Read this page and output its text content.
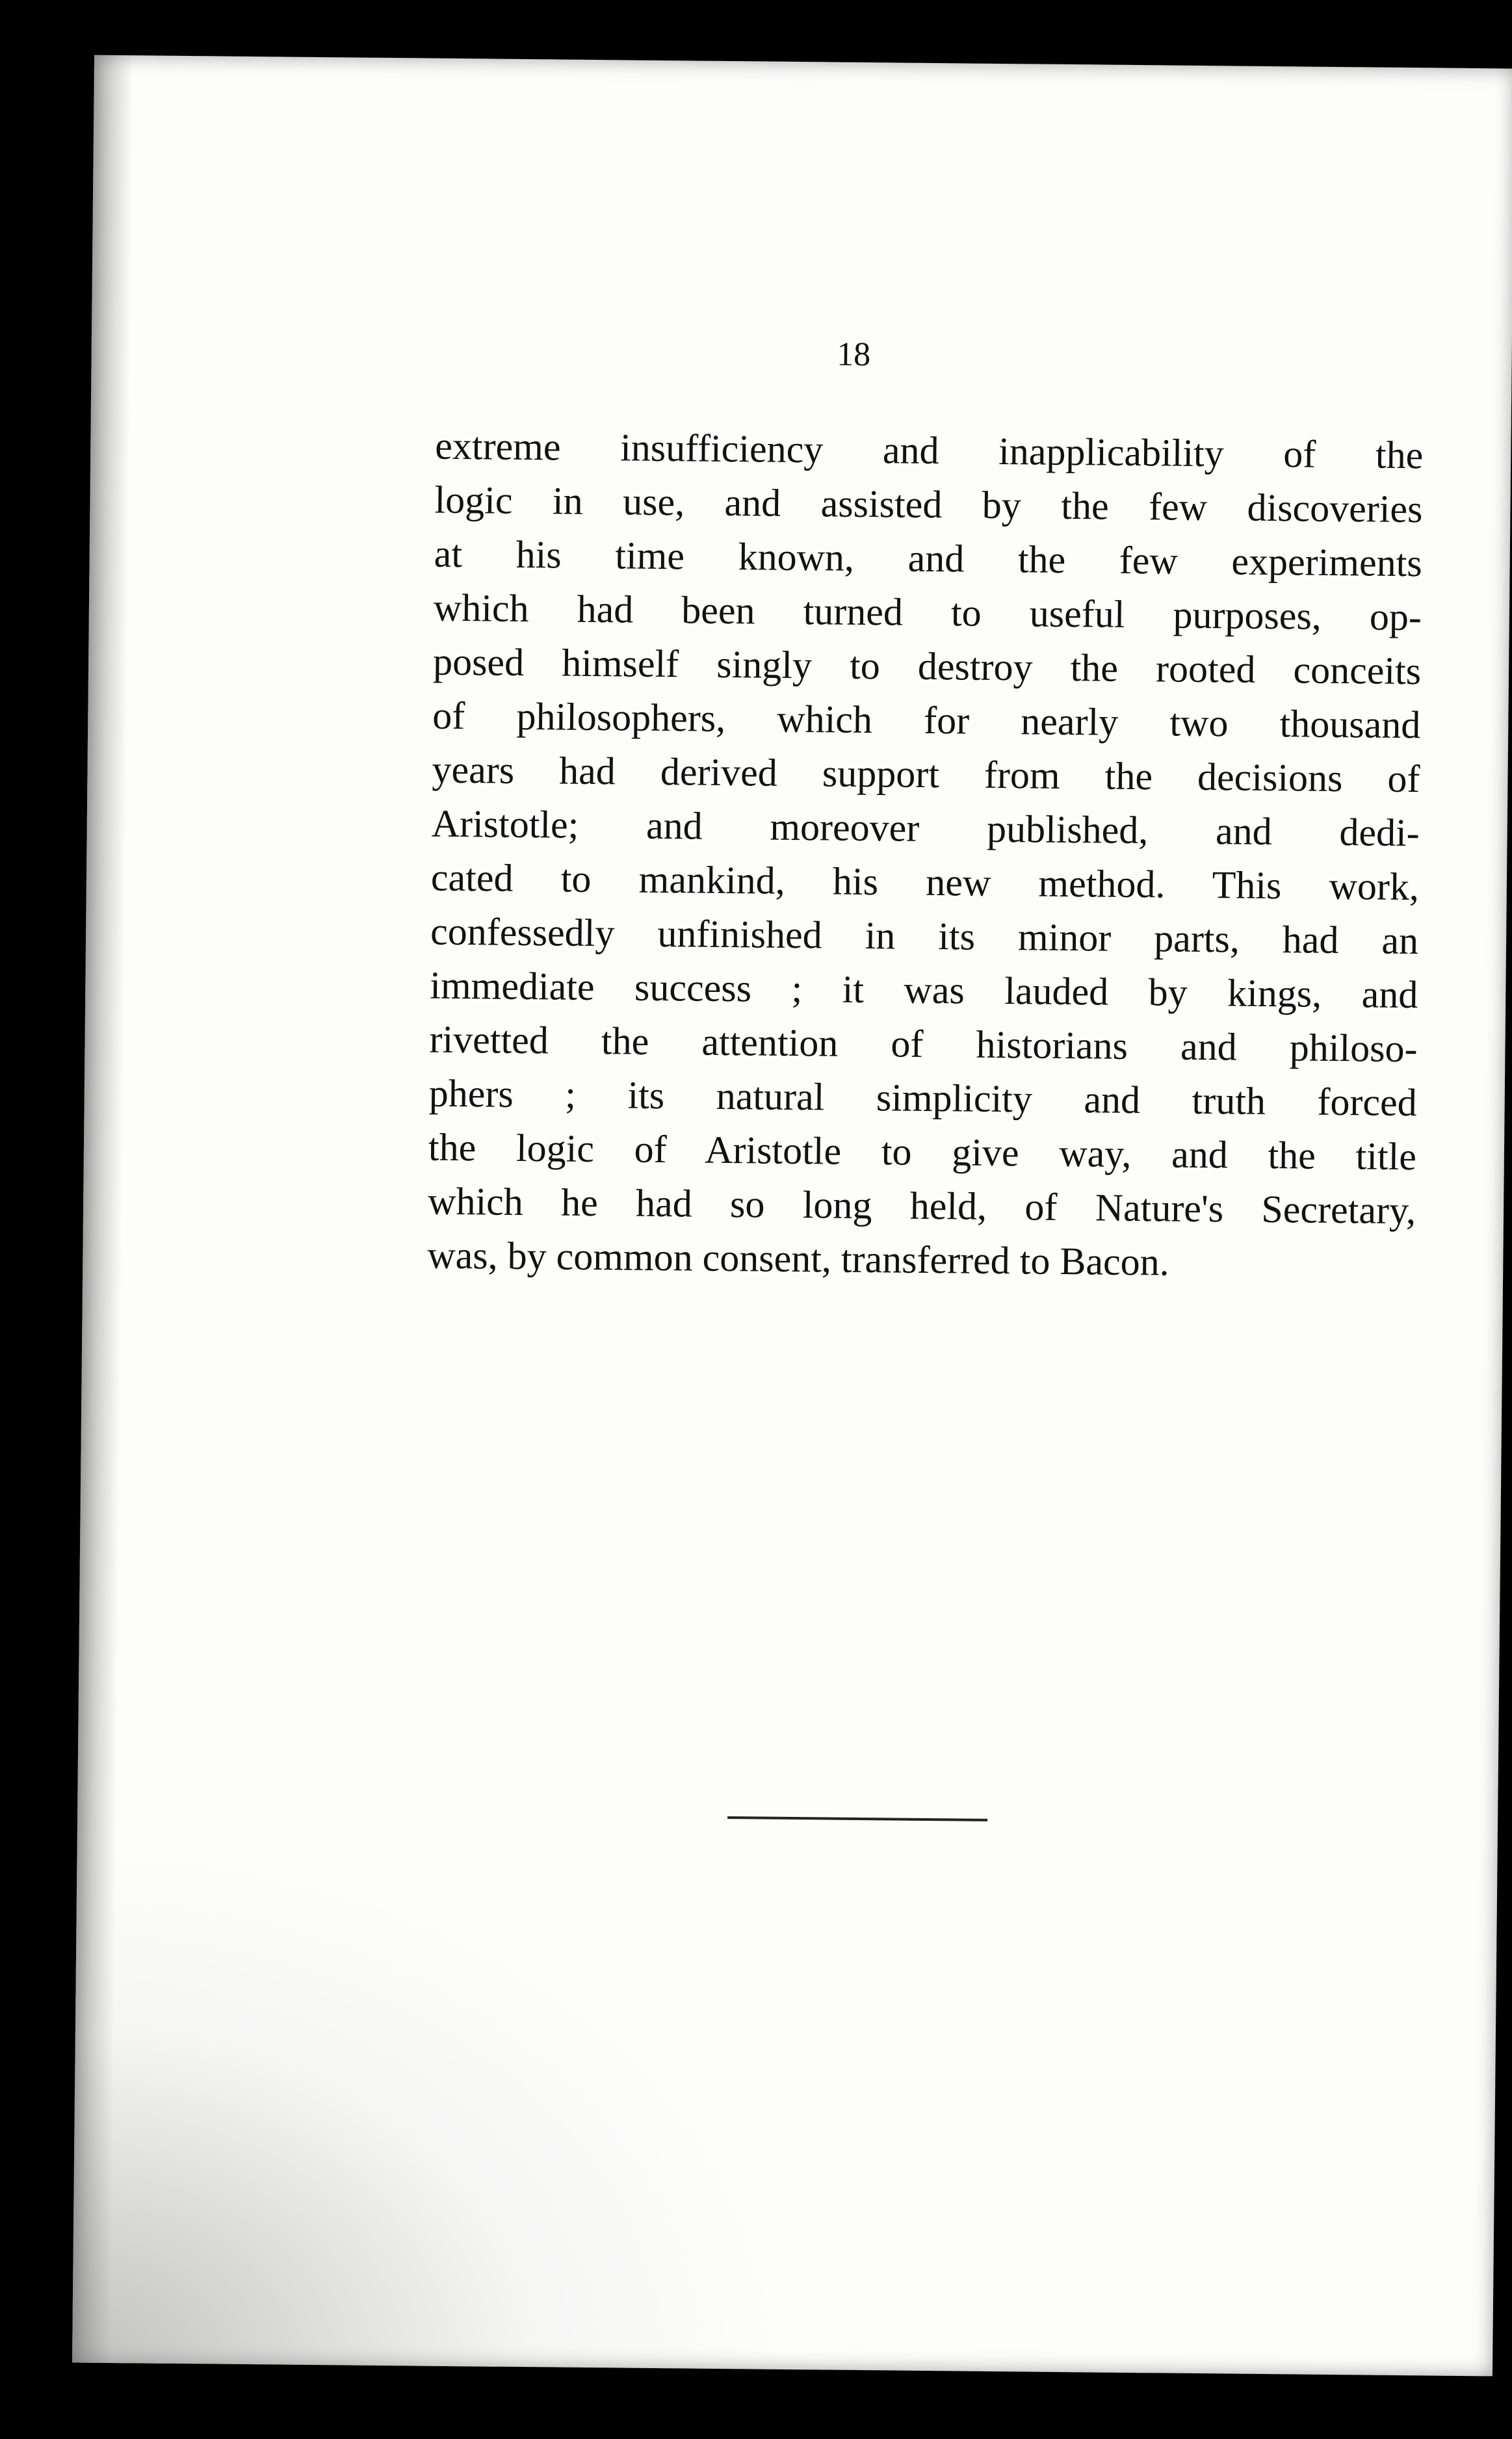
18
extreme insufficiency and inapplicability of the
logic in use, and assisted by the few discoveries
at his time known, and the few experiments
which had been turned to useful purposes, op-
posed himself singly to destroy the rooted conceits
of philosophers, which for nearly two thousand
years had derived support from the decisions of
Aristotle; and moreover published, and dedi-
cated to mankind, his new method. This work,
confessedly unfinished in its minor parts, had an
immediate success ; it was lauded by kings, and
rivetted the attention of historians and philoso-
phers ; its natural simplicity and truth forced
the logic of Aristotle to give way, and the title
which he had so long held, of Nature's Secretary,
was, by common consent, transferred to Bacon.
